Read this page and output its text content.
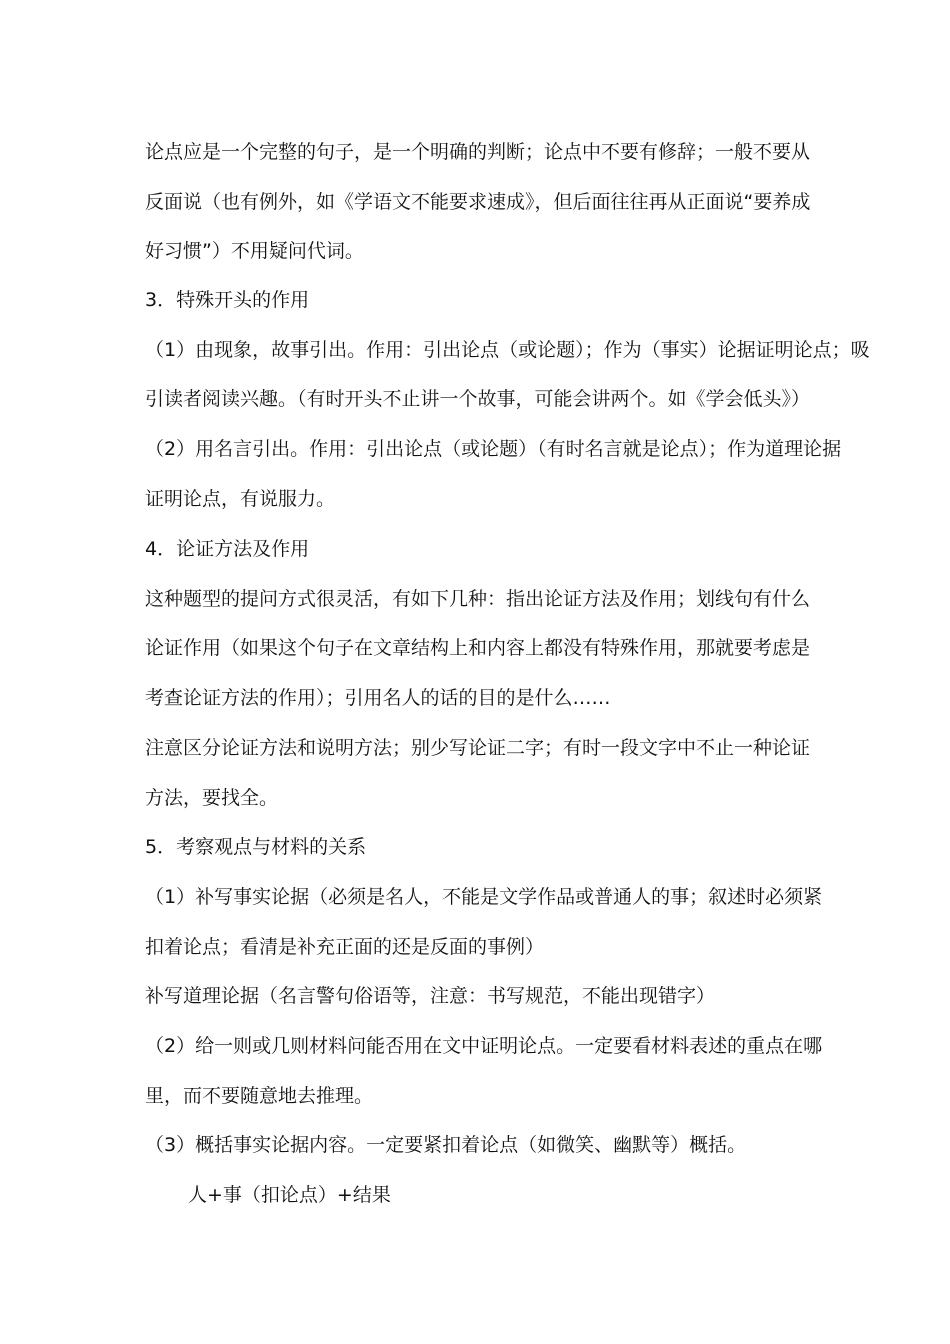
论点应是一个完整的句子，是一个明确的判断；论点中不要有修辞；一般不要从
反面说（也有例外，如《学语文不能要求速成》，但后面往往再从正面说“要养成
好习惯”）不用疑问代词。
3．特殊开头的作用
（1）由现象，故事引出。作用：引出论点（或论题）；作为（事实）论据证明论点；吸
引读者阅读兴趣。（有时开头不止讲一个故事，可能会讲两个。如《学会低头》）
（2）用名言引出。作用：引出论点（或论题）（有时名言就是论点）；作为道理论据
证明论点，有说服力。
4．论证方法及作用
这种题型的提问方式很灵活，有如下几种：指出论证方法及作用；划线句有什么
论证作用（如果这个句子在文章结构上和内容上都没有特殊作用，那就要考虑是
考查论证方法的作用）；引用名人的话的目的是什么……
注意区分论证方法和说明方法；别少写论证二字；有时一段文字中不止一种论证
方法，要找全。
5．考察观点与材料的关系
（1）补写事实论据（必须是名人，不能是文学作品或普通人的事；叙述时必须紧
扣着论点；看清是补充正面的还是反面的事例）
补写道理论据（名言警句俗语等，注意：书写规范，不能出现错字）
（2）给一则或几则材料问能否用在文中证明论点。一定要看材料表述的重点在哪
里，而不要随意地去推理。
（3）概括事实论据内容。一定要紧扣着论点（如微笑、幽默等）概括。
人+事（扣论点）+结果
